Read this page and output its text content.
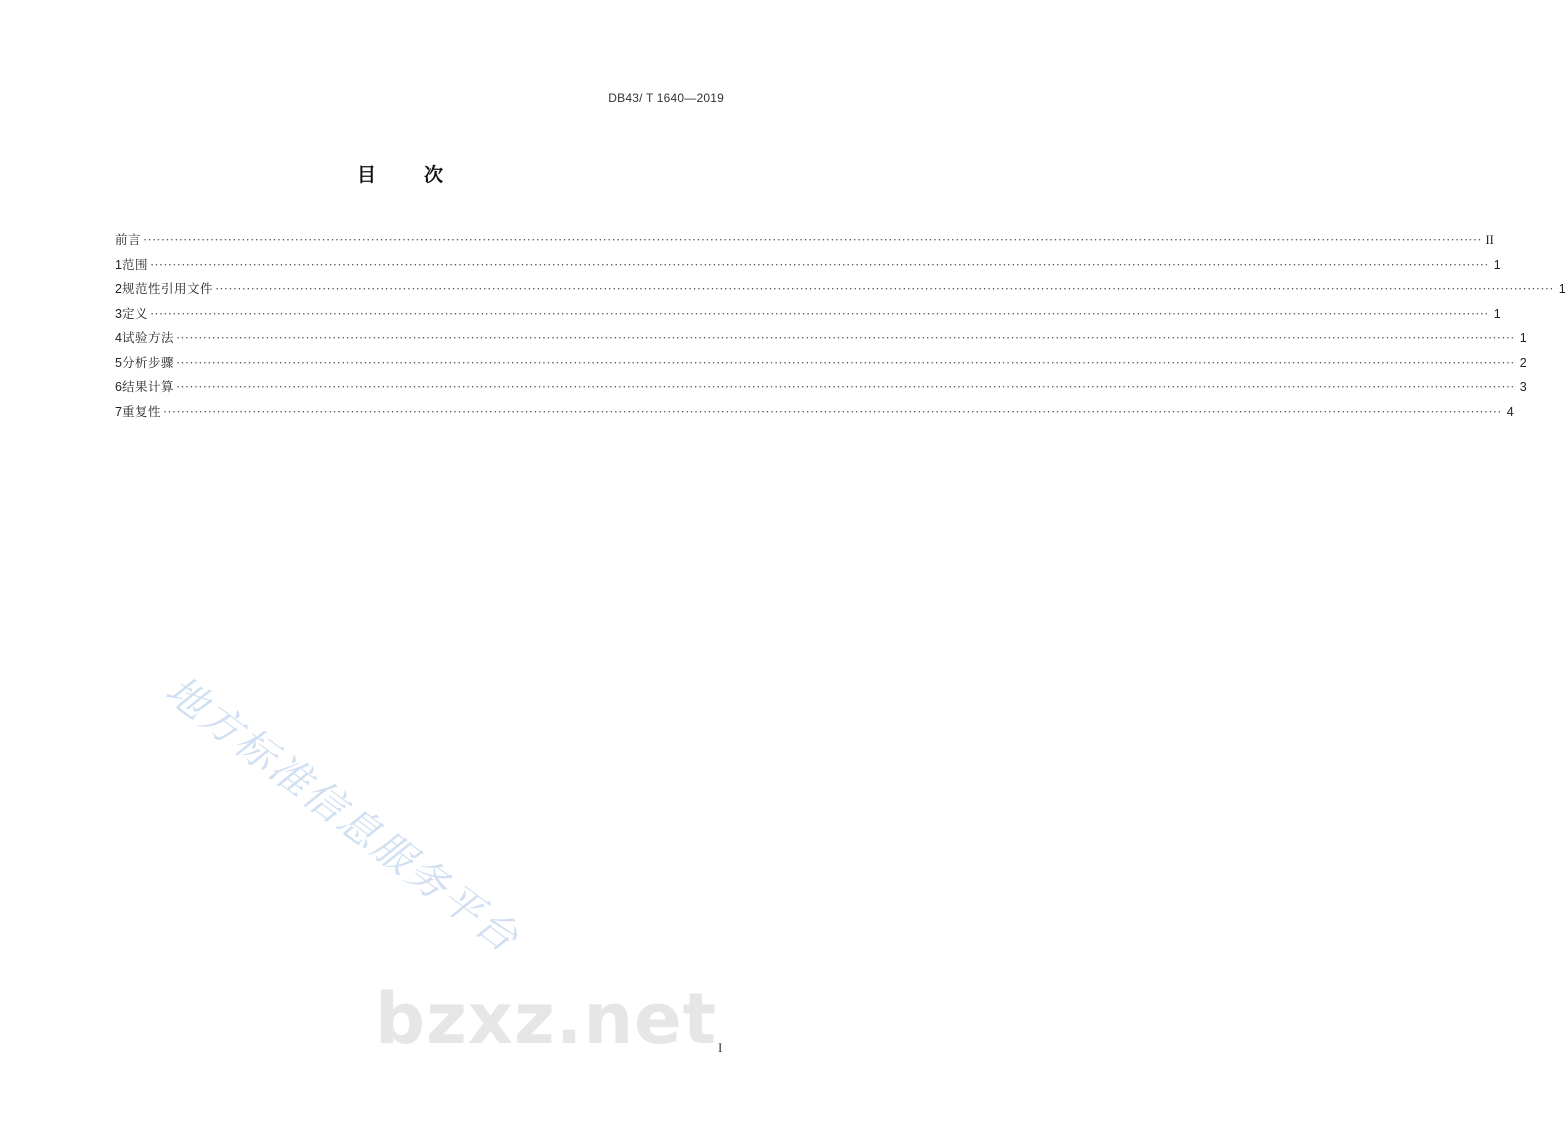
DB43/ T 1640—2019
目	次
前言 ············································································································································································································································································································ II
1 范围 ············································································································································································································································································································ 1
2 规范性引用文件 ············································································································································································································································································································ 1
3 定义 ············································································································································································································································································································ 1
4 试验方法 ············································································································································································································································································································ 1
5 分析步骤 ············································································································································································································································································································ 2
6 结果计算 ············································································································································································································································································································ 3
7 重复性 ············································································································································································································································································································ 4
地方标准信息服务平台
bzxz.net I
